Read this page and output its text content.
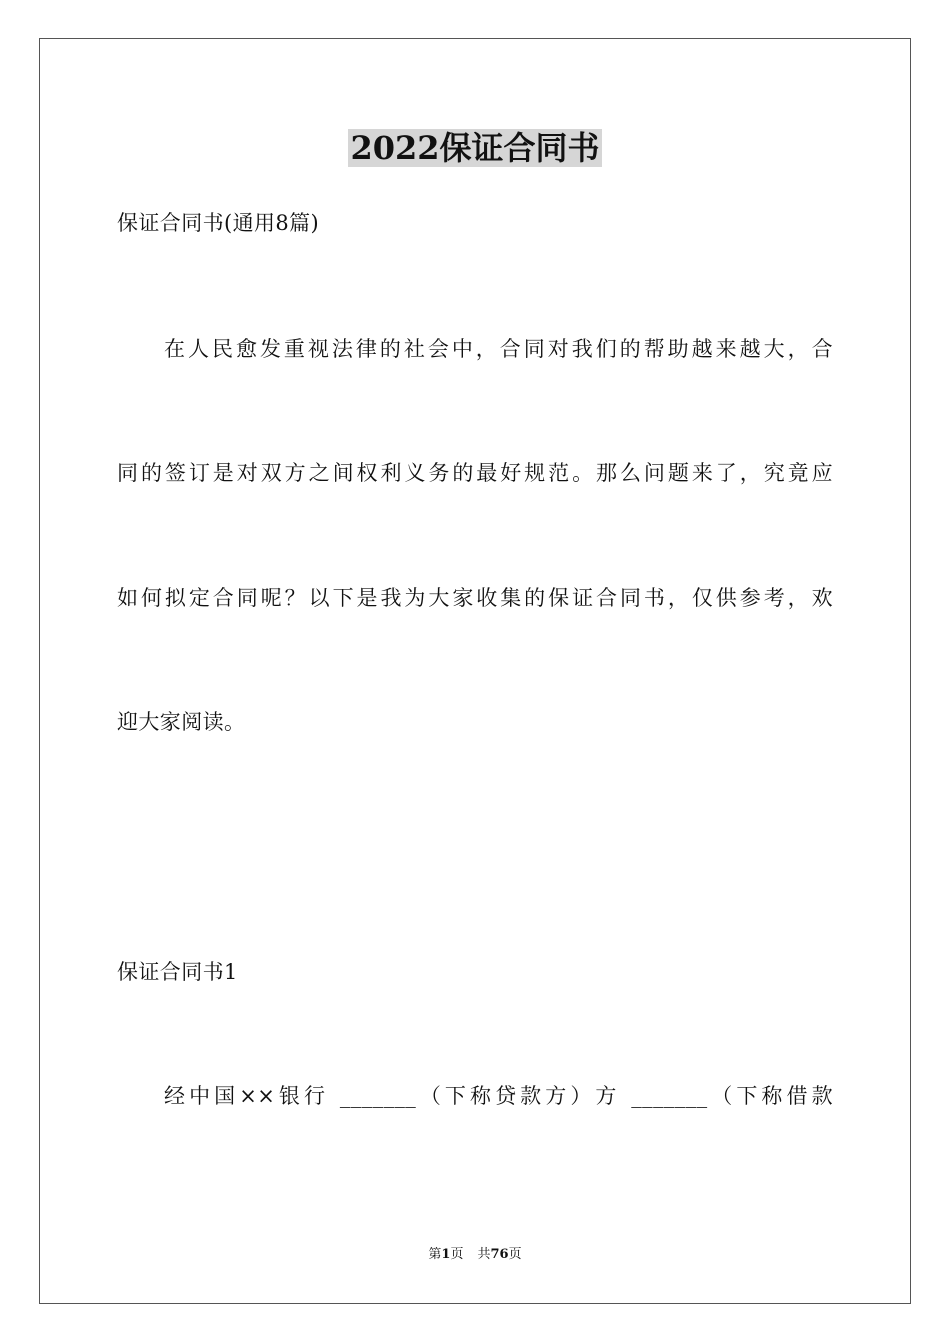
2022保证合同书
保证合同书(通用8篇)
在人民愈发重视法律的社会中，合同对我们的帮助越来越大，合
同的签订是对双方之间权利义务的最好规范。那么问题来了，究竟应
如何拟定合同呢？以下是我为大家收集的保证合同书，仅供参考，欢
迎大家阅读。
保证合同书1
经中国××银行 _______（下称贷款方）方 _______（下称借款
第1页 共76页
